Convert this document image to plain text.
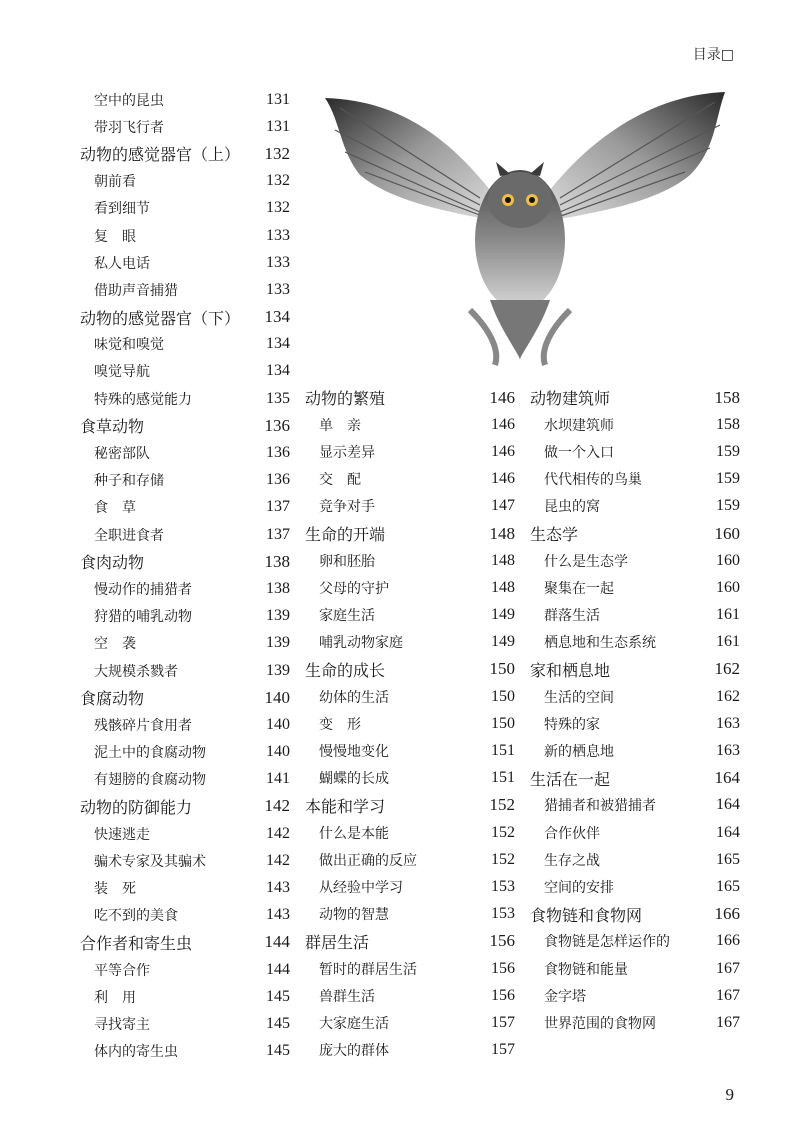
目录□
空中的昆虫	131
带羽飞行者	131
动物的感觉器官（上） 132
朝前看	132
看到细节	132
复　眼	133
私人电话	133
借助声音捕猎	133
动物的感觉器官（下） 134
味觉和嗅觉	134
嗅觉导航	134
特殊的感觉能力	135
食草动物	136
秘密部队	136
种子和存储	136
食　草	137
全职进食者	137
食肉动物	138
慢动作的捕猎者	138
狩猎的哺乳动物	139
空　袭	139
大规模杀戮者	139
食腐动物	140
残骸碎片食用者	140
泥土中的食腐动物	140
有翅膀的食腐动物	141
动物的防御能力	142
快速逃走	142
骗术专家及其骗术	142
装　死	143
吃不到的美食	143
合作者和寄生虫	144
平等合作	144
利　用	145
寻找寄主	145
体内的寄生虫	145
动物的繁殖	146
单　亲	146
显示差异	146
交　配	146
竞争对手	147
生命的开端	148
卵和胚胎	148
父母的守护	148
家庭生活	149
哺乳动物家庭	149
生命的成长	150
幼体的生活	150
变　形	150
慢慢地变化	151
蝴蝶的长成	151
本能和学习	152
什么是本能	152
做出正确的反应	152
从经验中学习	153
动物的智慧	153
群居生活	156
暂时的群居生活	156
兽群生活	156
大家庭生活	157
庞大的群体	157
动物建筑师	158
水坝建筑师	158
做一个入口	159
代代相传的鸟巢	159
昆虫的窝	159
生态学	160
什么是生态学	160
聚集在一起	160
群落生活	161
栖息地和生态系统	161
家和栖息地	162
生活的空间	162
特殊的家	163
新的栖息地	163
生活在一起	164
猎捕者和被猎捕者	164
合作伙伴	164
生存之战	165
空间的安排	165
食物链和食物网	166
食物链是怎样运作的	166
食物链和能量	167
金字塔	167
世界范围的食物网	167
9
